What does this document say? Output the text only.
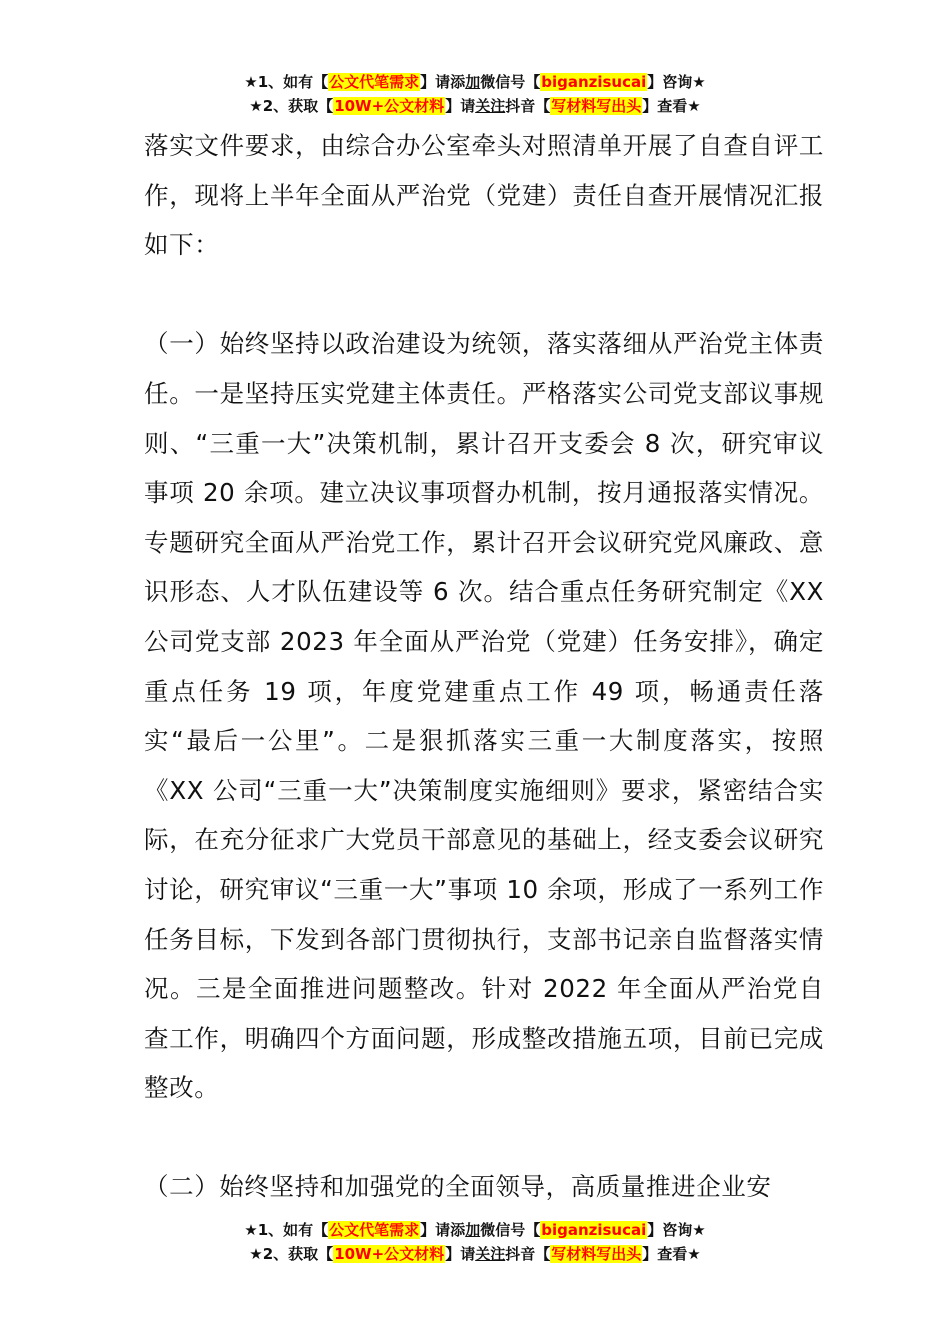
★1、如有【公文代笔需求】请添加微信号【biganzisucai】咨询★
★2、获取【10W+公文材料】请关注抖音【写材料写出头】查看★

落实文件要求，由综合办公室牵头对照清单开展了自查自评工作，现将上半年全面从严治党（党建）责任自查开展情况汇报如下：

（一）始终坚持以政治建设为统领，落实落细从严治党主体责任。一是坚持压实党建主体责任。严格落实公司党支部议事规则、“三重一大”决策机制，累计召开支委会 8 次，研究审议事项 20 余项。建立决议事项督办机制，按月通报落实情况。专题研究全面从严治党工作，累计召开会议研究党风廉政、意识形态、人才队伍建设等 6 次。结合重点任务研究制定《XX 公司党支部 2023 年全面从严治党（党建）任务安排》，确定重点任务 19 项，年度党建重点工作 49 项，畅通责任落实“最后一公里”。二是狠抓落实三重一大制度落实，按照《XX 公司“三重一大”决策制度实施细则》要求，紧密结合实际，在充分征求广大党员干部意见的基础上，经支委会议研究讨论，研究审议“三重一大”事项 10 余项，形成了一系列工作任务目标，下发到各部门贯彻执行，支部书记亲自监督落实情况。三是全面推进问题整改。针对 2022 年全面从严治党自查工作，明确四个方面问题，形成整改措施五项，目前已完成整改。

（二）始终坚持和加强党的全面领导，高质量推进企业安

★1、如有【公文代笔需求】请添加微信号【biganzisucai】咨询★
★2、获取【10W+公文材料】请关注抖音【写材料写出头】查看★
